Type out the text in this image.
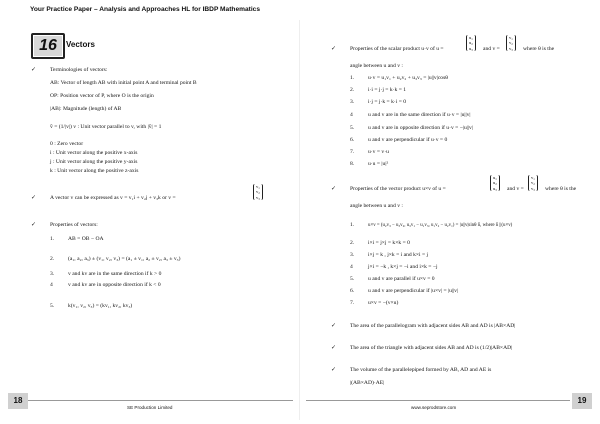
Your Practice Paper – Analysis and Approaches HL for IBDP Mathematics
16	Vectors
✓ Terminologies of vectors:
AB: Vector of length AB with initial point A and terminal point B
OP: Position vector of P, where O is the origin
|AB|: Magnitude (length) of AB
v̂ = (1/|v|) v : Unit vector parallel to v, with |v̂| = 1
0 : Zero vector
i : Unit vector along the positive x-axis
j : Unit vector along the positive y-axis
k : Unit vector along the positive z-axis
✓ A vector v can be expressed as v = v₁i + v₂j + v₃k or v =
v₁
v₂
v₃
✓ Properties of vectors:
1. AB = OB − OA
2. (a₁, a₂, a₃) ± (v₁, v₂, v₃) = (a₁ ± v₁, a₂ ± v₂, a₃ ± v₃)
3. v and kv are in the same direction if k > 0
4	v and kv are in opposite direction if k < 0
5. k(v₁, v₂, v₃) = (kv₁, kv₂, kv₃)
✓ Properties of the scalar product u·v of u =
u₁
u₂
u₃ and v =
v₁
v₂
v₃ where θ is the
angle between u and v :
1. u·v = u₁v₁ + u₂v₂ + u₃v₃ = |u||v|cosθ
2. i·i = j·j = k·k = 1
3. i·j = j·k = k·i = 0
4	u and v are in the same direction if u·v = |u||v|
5. u and v are in opposite direction if u·v = −|u||v|
6. u and v are perpendicular if u·v = 0
7. u·v = v·u
8. u·u = |u|²
✓ Properties of the vector product u×v of u =
u₁
u₂
u₃ and v =
v₁
v₂
v₃ where θ is the
angle between u and v :
1.	u×v = (u₂v₃ − u₃v₂, u₃v₁ − u₁v₃, u₁v₂ − u₂v₁) = |u||v|sinθ n̂, where n̂ ||(u×v)
2. i×i = j×j = k×k = 0
3. i×j = k , j×k = i and k×i = j
4	j×i = −k , k×j = −i and i×k = −j
5. u and v are parallel if u×v = 0
6. u and v are perpendicular if |u×v| = |u||v|
7. u×v = −(v×u)
✓ The area of the parallelogram with adjacent sides AB and AD is |AB×AD|
✓ The area of the triangle with adjacent sides AB and AD is (1/2)|AB×AD|
✓ The volume of the parallelepiped formed by AB, AD and AE is
|(AB×AD)·AE|
18
SE Production Limited
19
www.seprodstore.com
